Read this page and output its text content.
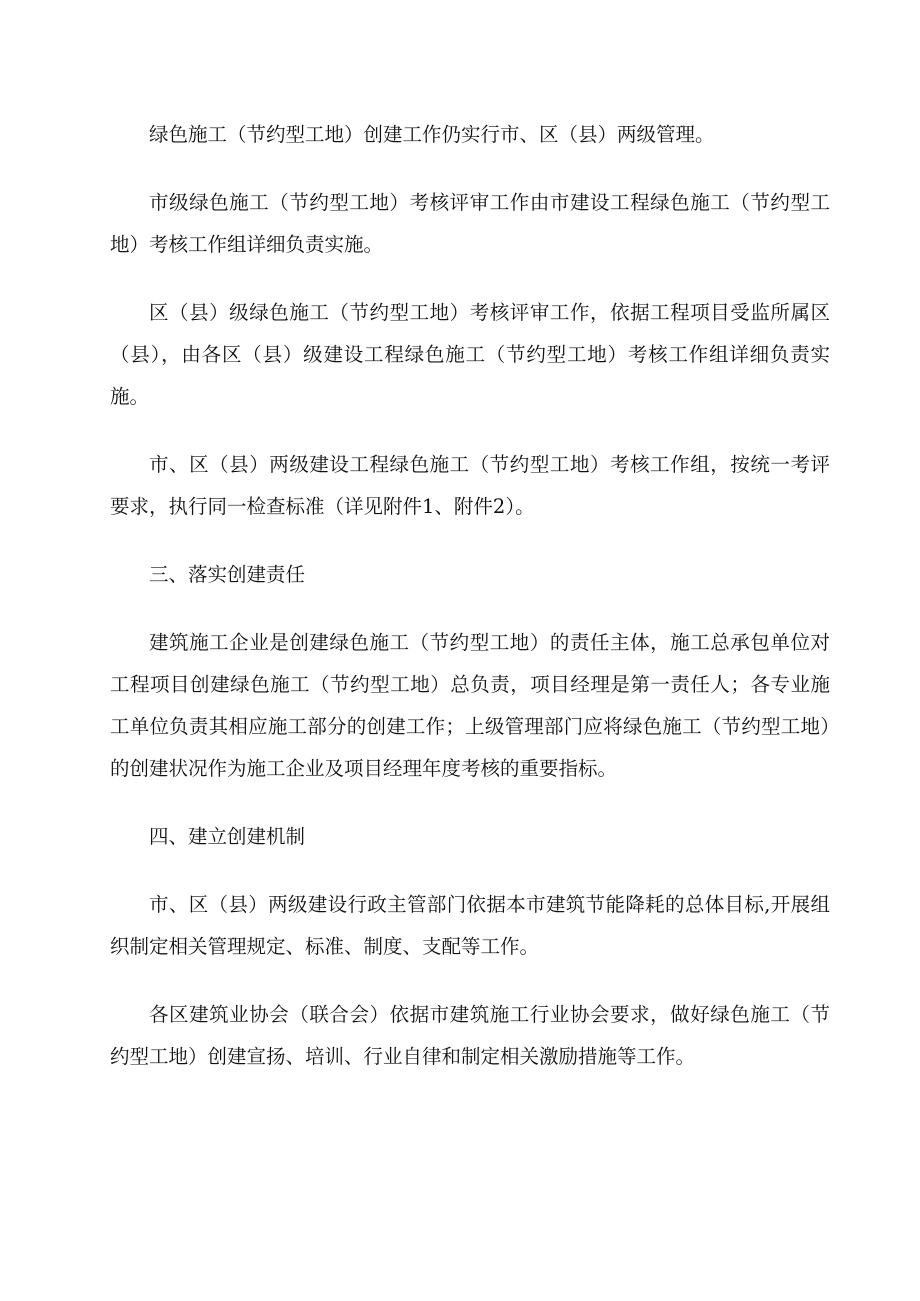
绿色施工（节约型工地）创建工作仍实行市、区（县）两级管理。

市级绿色施工（节约型工地）考核评审工作由市建设工程绿色施工（节约型工地）考核工作组详细负责实施。

区（县）级绿色施工（节约型工地）考核评审工作，依据工程项目受监所属区（县），由各区（县）级建设工程绿色施工（节约型工地）考核工作组详细负责实施。

市、区（县）两级建设工程绿色施工（节约型工地）考核工作组，按统一考评要求，执行同一检查标准（详见附件1、附件2）。

三、落实创建责任

建筑施工企业是创建绿色施工（节约型工地）的责任主体，施工总承包单位对工程项目创建绿色施工（节约型工地）总负责，项目经理是第一责任人；各专业施工单位负责其相应施工部分的创建工作；上级管理部门应将绿色施工（节约型工地）的创建状况作为施工企业及项目经理年度考核的重要指标。

四、建立创建机制

市、区（县）两级建设行政主管部门依据本市建筑节能降耗的总体目标,开展组织制定相关管理规定、标准、制度、支配等工作。

各区建筑业协会（联合会）依据市建筑施工行业协会要求，做好绿色施工（节约型工地）创建宣扬、培训、行业自律和制定相关激励措施等工作。
